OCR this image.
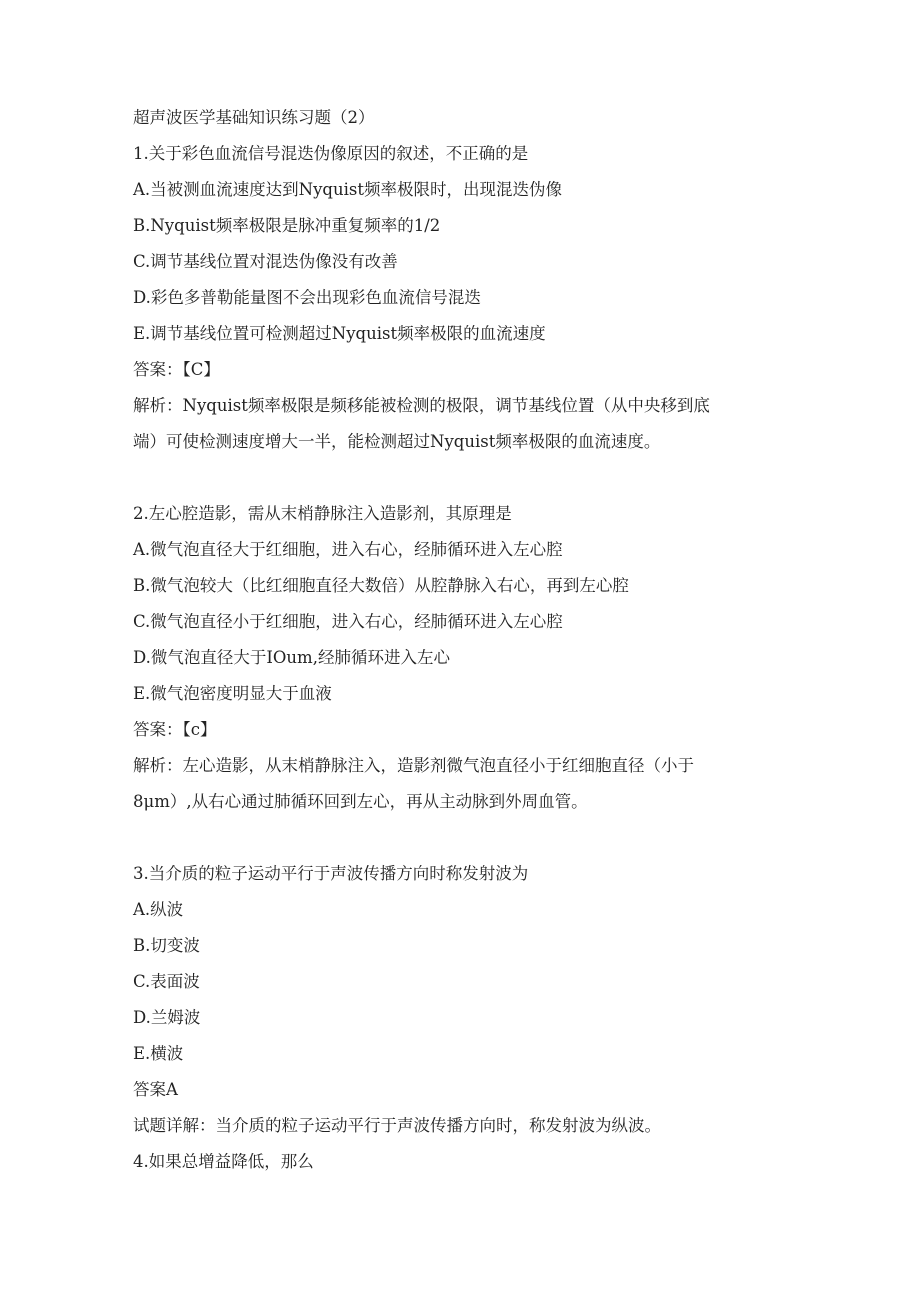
超声波医学基础知识练习题（2）
1.关于彩色血流信号混迭伪像原因的叙述，不正确的是
A.当被测血流速度达到Nyquist频率极限时，出现混迭伪像
B.Nyquist频率极限是脉冲重复频率的1/2
C.调节基线位置对混迭伪像没有改善
D.彩色多普勒能量图不会出现彩色血流信号混迭
E.调节基线位置可检测超过Nyquist频率极限的血流速度
答案：【C】
解析：Nyquist频率极限是频移能被检测的极限，调节基线位置（从中央移到底
端）可使检测速度增大一半，能检测超过Nyquist频率极限的血流速度。
2.左心腔造影，需从末梢静脉注入造影剂，其原理是
A.微气泡直径大于红细胞，进入右心，经肺循环进入左心腔
B.微气泡较大（比红细胞直径大数倍）从腔静脉入右心，再到左心腔
C.微气泡直径小于红细胞，进入右心，经肺循环进入左心腔
D.微气泡直径大于IOum,经肺循环进入左心
E.微气泡密度明显大于血液
答案：【c】
解析：左心造影，从末梢静脉注入，造影剂微气泡直径小于红细胞直径（小于
8μm）,从右心通过肺循环回到左心，再从主动脉到外周血管。
3.当介质的粒子运动平行于声波传播方向时称发射波为
A.纵波
B.切变波
C.表面波
D.兰姆波
E.横波
答案A
试题详解：当介质的粒子运动平行于声波传播方向时，称发射波为纵波。
4.如果总增益降低，那么
